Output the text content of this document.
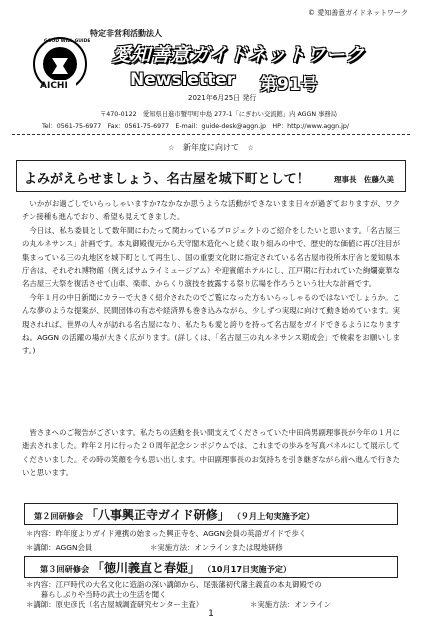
© 愛知善意ガイドネットワーク
GOOD WILL GUIDE
AICHI
特定非営利活動法人
愛知善意ガイドネットワーク
Newsletter 第91号
2021年6月25日 発行
〒470-0122　愛知県日進市蟹甲町中島 277-1「にぎわい交流館」内 AGGN 事務局
Tel：0561-75-6977　Fax：0561-75-6977　E-mail：guide-desk@aggn.jp　HP：http://www.aggn.jp/
☆ 新年度に向けて ☆
よみがえらせましょう、名古屋を城下町として！	理事長　佐藤久美

いかがお過ごしでいらっしゃいますか?なかなか思うような活動ができないまま日々が過ぎておりますが、ワクチン接種も進んでおり、希望も見えてきました。

今日は、私ち委員として数年間にわたって関わっているプロジェクトのご紹介をしたいと思います。「名古屋三の丸ルネサンス」計画です。本丸御殿復元から天守閣木造化へと続く取り組みの中で、歴史的な価値に再び注目が集まっている三の丸地区を城下町として再生し、国の重要文化財に指定されている名古屋市役所本庁舎と愛知県本庁舎は、それぞれ博物館（例えばサムライミュージアム）や迎賓館ホテルにし、江戸期に行われていた絢爛豪華な名古屋三大祭を復活させて山車、楽車、からくり演技を披露する祭り広場を作ろうという壮大な計画です。

今年１月の中日新聞にカラーで大きく紹介されたのでご覧になった方もいらっしゃるのではないでしょうか。こんな夢のような提案が、民間団体の有志や経済界も巻き込みながら、少しずつ実現に向けて動き始めています。実現されれば、世界の人々が訪れる名古屋になり、私たちも愛と誇りを持って名古屋をガイドできるようになりますね。AGGN の活躍の場が大きく広がります。(詳しくは、「名古屋三の丸ルネサンス期成会」で検索をお願いします。)

皆さまへのご報告がございます。私たちの活動を長い間支えてくださっていた中田尚男副理事長が今年の１月に逝去されました。昨年２月に行った２０周年記念シンポジウムでは、これまでの歩みを写真パネルにして展示してくださいました。その時の笑顔を今も思い出します。中田副理事長のお気持ちを引き継ぎながら前へ進んで行きたいと思います。

第２回研修会 「八事興正寺ガイド研修」 （９月上旬実施予定）
＊内容：昨年度よりガイド連携の始まった興正寺を、AGGN会員の英語ガイドで歩く
＊講師：AGGN会員	＊実施方法：オンラインまたは現地研修
第３回研修会 「徳川義直と春姫」 （10月17日実施予定）
＊内容：江戸時代の大名文化に造詣の深い講師から、尾張藩初代藩主義直の本丸御殿での
　　暮らしぶりや当時の武士の生活を聞く
＊講師：原史彦氏（名古屋城調査研究センター主査）	＊実施方法：オンライン
1
